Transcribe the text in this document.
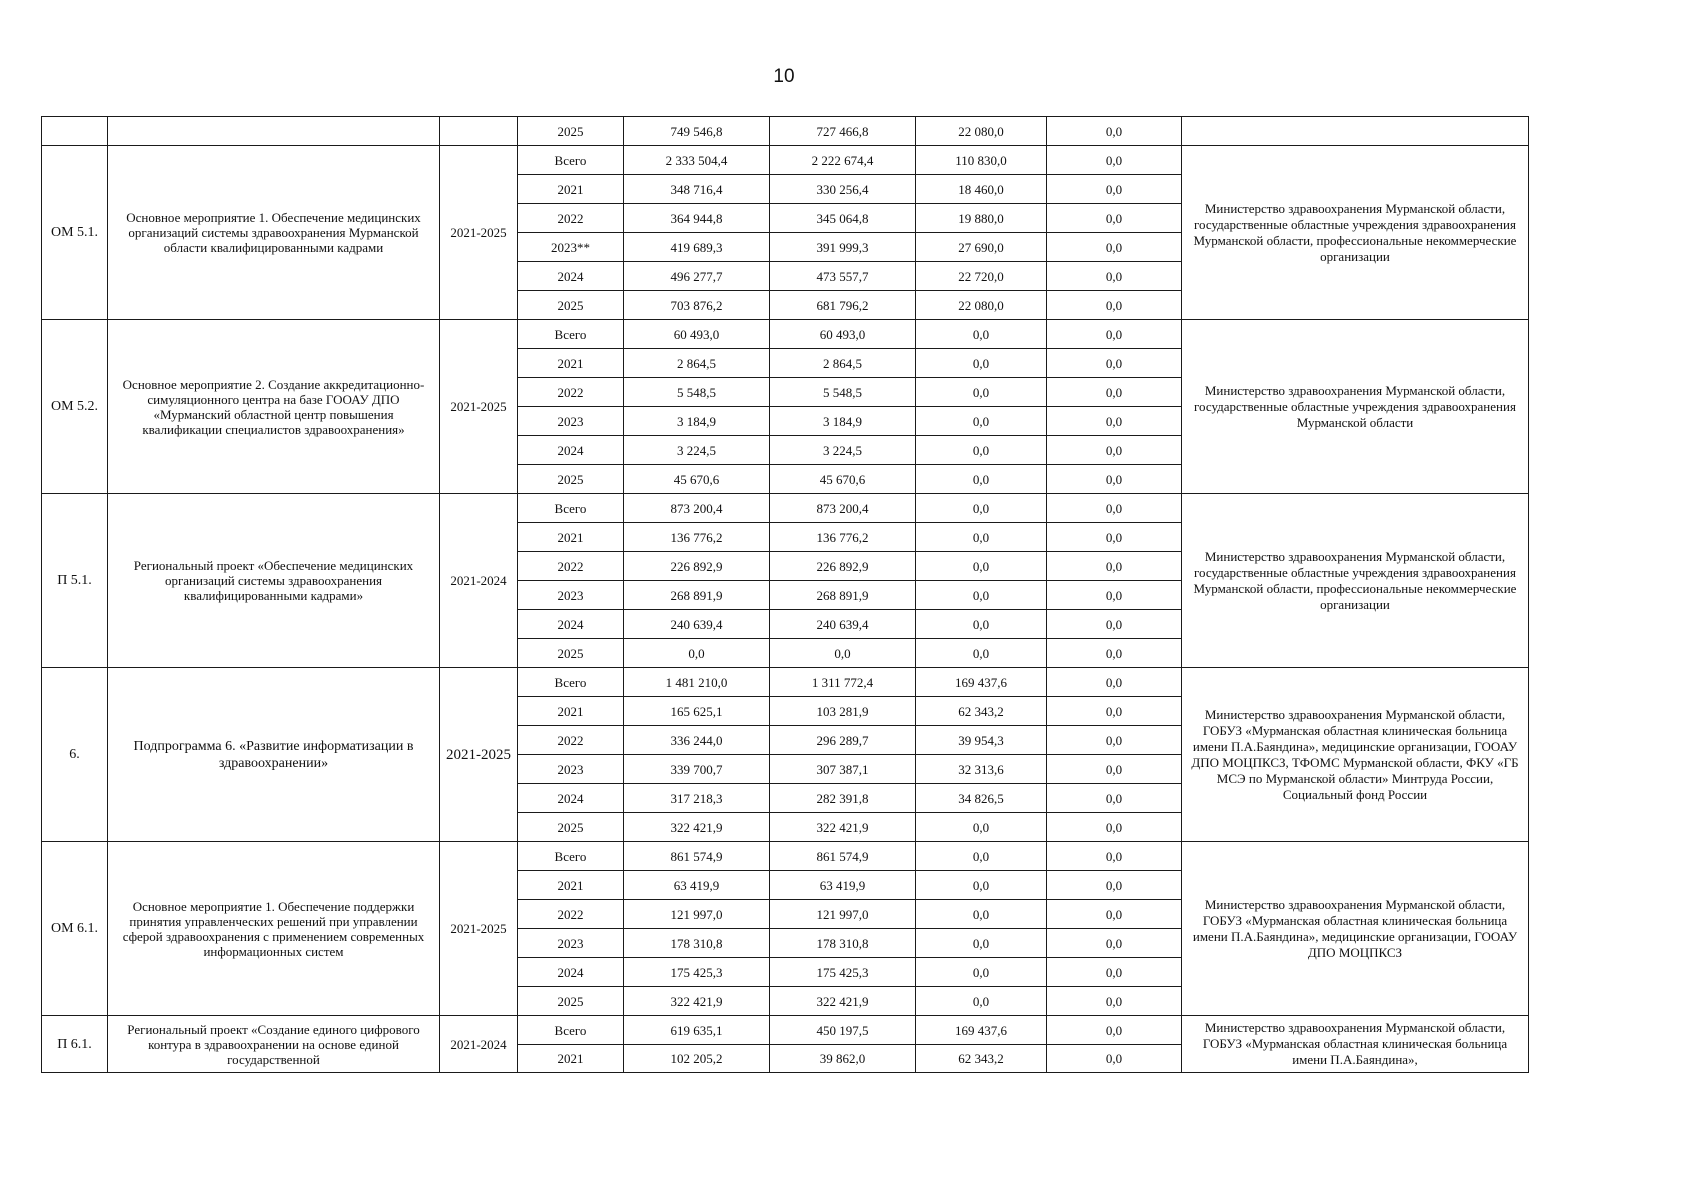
10
			2025	749 546,8	727 466,8	22 080,0	0,0	
ОМ 5.1.	Основное мероприятие 1. Обеспечение медицинских организаций системы здравоохранения Мурманской области квалифицированными кадрами	2021-2025	Всего	2 333 504,4	2 222 674,4	110 830,0	0,0	Министерство здравоохранения Мурманской области, государственные областные учреждения здравоохранения Мурманской области, профессиональные некоммерческие организации
			2021	348 716,4	330 256,4	18 460,0	0,0	
			2022	364 944,8	345 064,8	19 880,0	0,0	
			2023**	419 689,3	391 999,3	27 690,0	0,0	
			2024	496 277,7	473 557,7	22 720,0	0,0	
			2025	703 876,2	681 796,2	22 080,0	0,0	
ОМ 5.2.	Основное мероприятие 2. Создание аккредитационно-симуляционного центра на базе ГООАУ ДПО «Мурманский областной центр повышения квалификации специалистов здравоохранения»	2021-2025	Всего	60 493,0	60 493,0	0,0	0,0	Министерство здравоохранения Мурманской области, государственные областные учреждения здравоохранения Мурманской области
			2021	2 864,5	2 864,5	0,0	0,0	
			2022	5 548,5	5 548,5	0,0	0,0	
			2023	3 184,9	3 184,9	0,0	0,0	
			2024	3 224,5	3 224,5	0,0	0,0	
			2025	45 670,6	45 670,6	0,0	0,0	
П 5.1.	Региональный проект «Обеспечение медицинских организаций системы здравоохранения квалифицированными кадрами»	2021-2024	Всего	873 200,4	873 200,4	0,0	0,0	Министерство здравоохранения Мурманской области, государственные областные учреждения здравоохранения Мурманской области, профессиональные некоммерческие организации
			2021	136 776,2	136 776,2	0,0	0,0	
			2022	226 892,9	226 892,9	0,0	0,0	
			2023	268 891,9	268 891,9	0,0	0,0	
			2024	240 639,4	240 639,4	0,0	0,0	
			2025	0,0	0,0	0,0	0,0	
6.	Подпрограмма 6. «Развитие информатизации в здравоохранении»	2021-2025	Всего	1 481 210,0	1 311 772,4	169 437,6	0,0	Министерство здравоохранения Мурманской области, ГОБУЗ «Мурманская областная клиническая больница имени П.А.Баяндина», медицинские организации, ГООАУ ДПО МОЦПКСЗ, ТФОМС Мурманской области, ФКУ «ГБ МСЭ по Мурманской области» Минтруда России, Социальный фонд России
			2021	165 625,1	103 281,9	62 343,2	0,0	
			2022	336 244,0	296 289,7	39 954,3	0,0	
			2023	339 700,7	307 387,1	32 313,6	0,0	
			2024	317 218,3	282 391,8	34 826,5	0,0	
			2025	322 421,9	322 421,9	0,0	0,0	
ОМ 6.1.	Основное мероприятие 1. Обеспечение поддержки принятия управленческих решений при управлении сферой здравоохранения с применением современных информационных систем	2021-2025	Всего	861 574,9	861 574,9	0,0	0,0	Министерство здравоохранения Мурманской области, ГОБУЗ «Мурманская областная клиническая больница имени П.А.Баяндина», медицинские организации, ГООАУ ДПО МОЦПКСЗ
			2021	63 419,9	63 419,9	0,0	0,0	
			2022	121 997,0	121 997,0	0,0	0,0	
			2023	178 310,8	178 310,8	0,0	0,0	
			2024	175 425,3	175 425,3	0,0	0,0	
			2025	322 421,9	322 421,9	0,0	0,0	
П 6.1.	Региональный проект «Создание единого цифрового контура в здравоохранении на основе единой государственной	2021-2024	Всего	619 635,1	450 197,5	169 437,6	0,0	Министерство здравоохранения Мурманской области, ГОБУЗ «Мурманская областная клиническая больница имени П.А.Баяндина»,
			2021	102 205,2	39 862,0	62 343,2	0,0	
